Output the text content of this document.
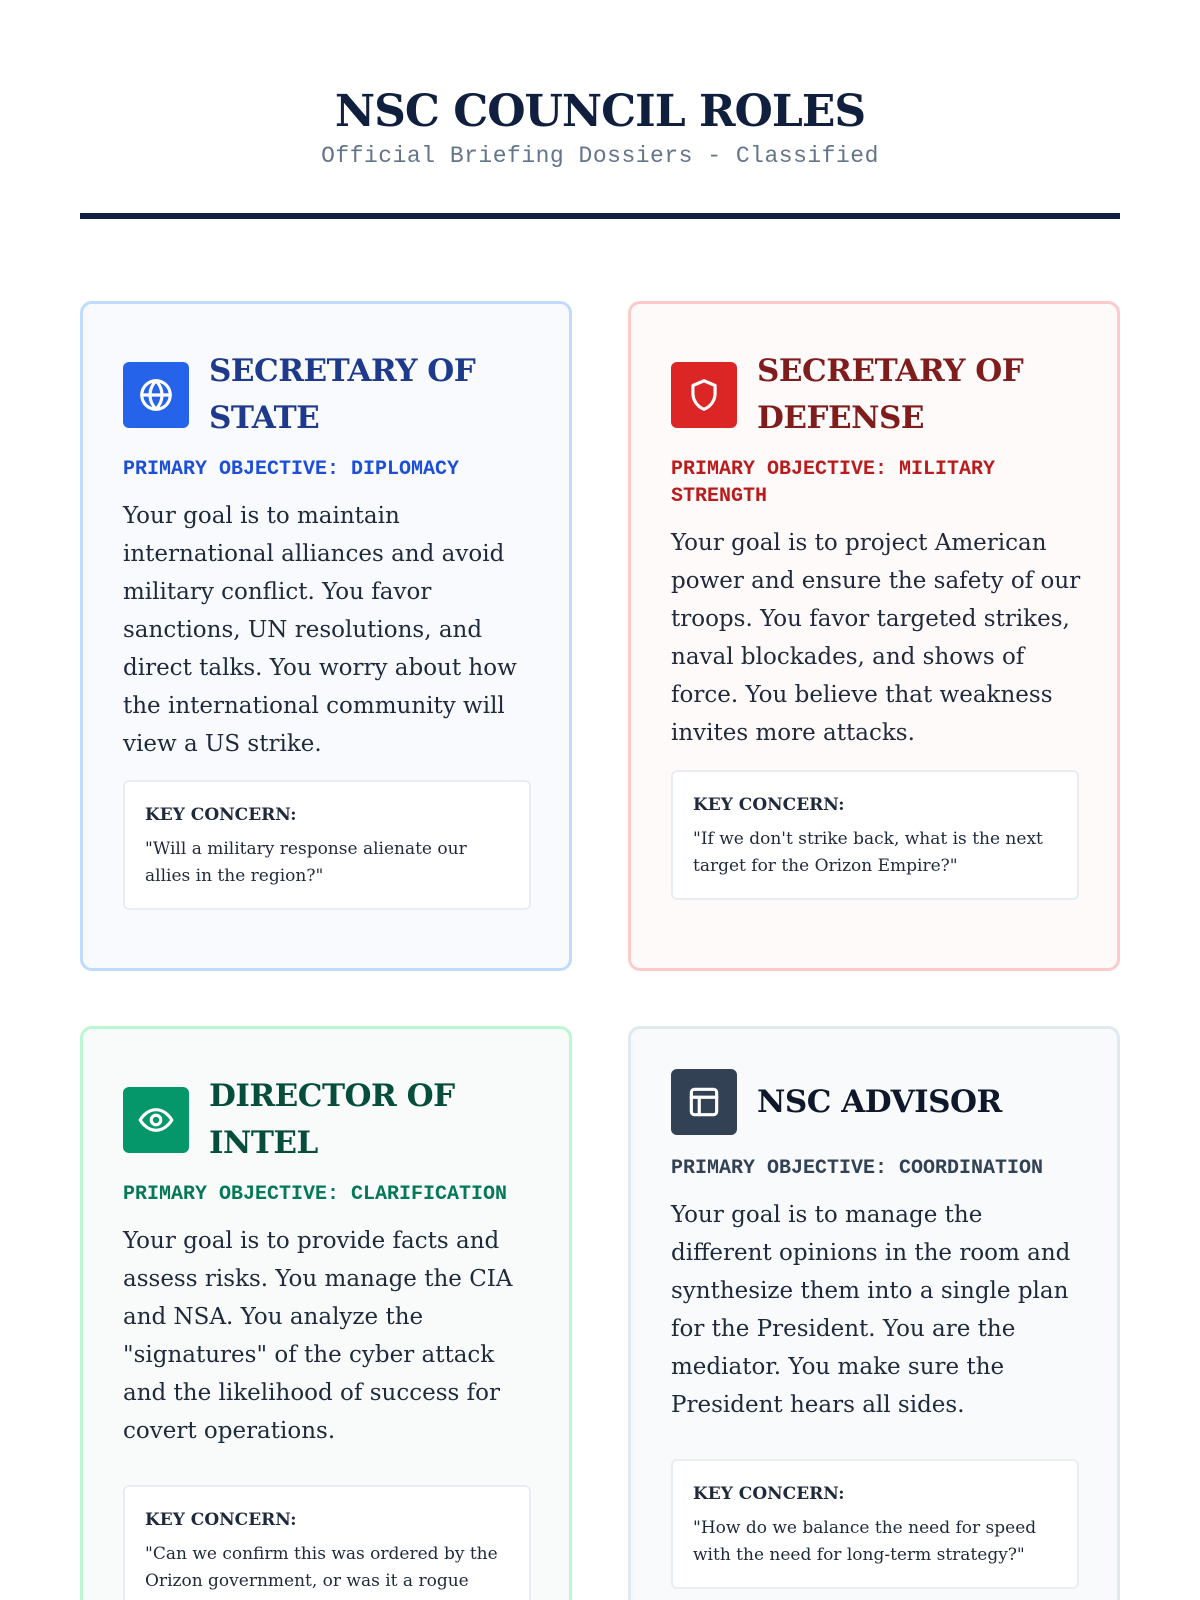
NSC COUNCIL ROLES
Official Briefing Dossiers - Classified
SECRETARY OF STATE
PRIMARY OBJECTIVE: DIPLOMACY
Your goal is to maintain international alliances and avoid military conflict. You favor sanctions, UN resolutions, and direct talks. You worry about how the international community will view a US strike.
KEY CONCERN:
"Will a military response alienate our allies in the region?"
SECRETARY OF DEFENSE
PRIMARY OBJECTIVE: MILITARY STRENGTH
Your goal is to project American power and ensure the safety of our troops. You favor targeted strikes, naval blockades, and shows of force. You believe that weakness invites more attacks.
KEY CONCERN:
"If we don't strike back, what is the next target for the Orizon Empire?"
DIRECTOR OF INTEL
PRIMARY OBJECTIVE: CLARIFICATION
Your goal is to provide facts and assess risks. You manage the CIA and NSA. You analyze the "signatures" of the cyber attack and the likelihood of success for covert operations.
KEY CONCERN:
"Can we confirm this was ordered by the Orizon government, or was it a rogue
NSC ADVISOR
PRIMARY OBJECTIVE: COORDINATION
Your goal is to manage the different opinions in the room and synthesize them into a single plan for the President. You are the mediator. You make sure the President hears all sides.
KEY CONCERN:
"How do we balance the need for speed with the need for long-term strategy?"
